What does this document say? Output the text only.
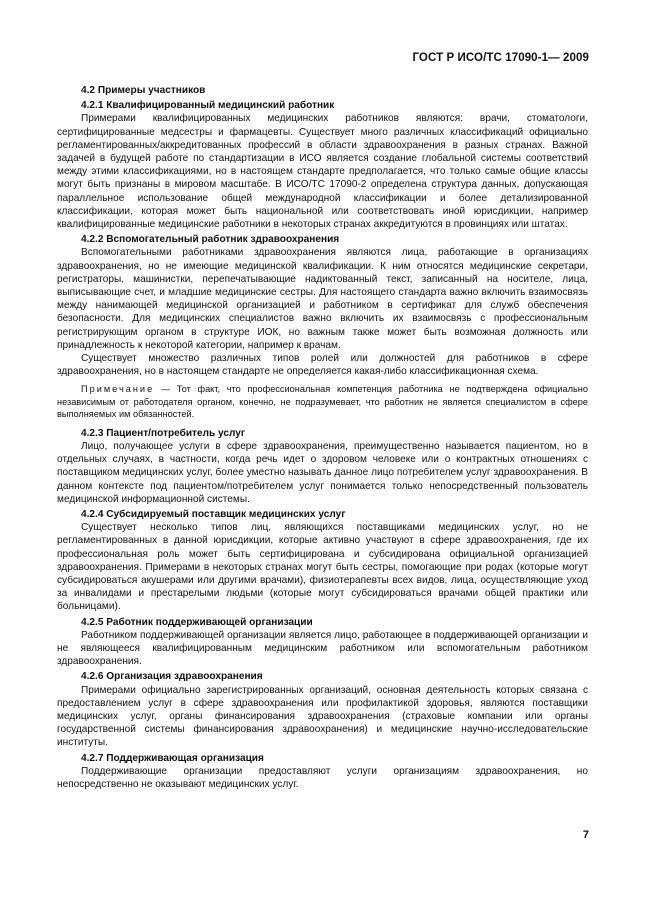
ГОСТ Р ИСО/ТС 17090-1— 2009
4.2 Примеры участников
4.2.1 Квалифицированный медицинский работник

Примерами квалифицированных медицинских работников являются: врачи, стоматологи, сертифицированные медсестры и фармацевты. Существует много различных классификаций официально регламентированных/аккредитованных профессий в области здравоохранения в разных странах. Важной задачей в будущей работе по стандартизации в ИСО является создание глобальной системы соответствий между этими классификациями, но в настоящем стандарте предполагается, что только самые общие классы могут быть признаны в мировом масштабе. В ИСО/ТС 17090-2 определена структура данных, допускающая параллельное использование общей международной классификации и более детализированной классификации, которая может быть национальной или соответствовать иной юрисдикции, например квалифицированные медицинские работники в некоторых странах аккредитуются в провинциях или штатах.

4.2.2 Вспомогательный работник здравоохранения

Вспомогательными работниками здравоохранения являются лица, работающие в организациях здравоохранения, но не имеющие медицинской квалификации. К ним относятся медицинские секретари, регистраторы, машинистки, перепечатывающие надиктованный текст, записанный на носителе, лица, выписывающие счет, и младшие медицинские сестры. Для настоящего стандарта важно включить взаимосвязь между нанимающей медицинской организацией и работником в сертификат для служб обеспечения безопасности. Для медицинских специалистов важно включить их взаимосвязь с профессиональным регистрирующим органом в структуре ИОК, но важным также может быть возможная должность или принадлежность к некоторой категории, например к врачам.

Существует множество различных типов ролей или должностей для работников в сфере здравоохранения, но в настоящем стандарте не определяется какая-либо классификационная схема.

Примечание — Тот факт, что профессиональная компетенция работника не подтверждена официально независимым от работодателя органом, конечно, не подразумевает, что работник не является специалистом в сфере выполняемых им обязанностей.
4.2.3 Пациент/потребитель услуг

Лицо, получающее услуги в сфере здравоохранения, преимущественно называется пациентом, но в отдельных случаях, в частности, когда речь идет о здоровом человеке или о контрактных отношениях с поставщиком медицинских услуг, более уместно называть данное лицо потребителем услуг здравоохранения. В данном контексте под пациентом/потребителем услуг понимается только непосредственный пользователь медицинской информационной системы.

4.2.4 Субсидируемый поставщик медицинских услуг

Существует несколько типов лиц, являющихся поставщиками медицинских услуг, но не регламентированных в данной юрисдикции, которые активно участвуют в сфере здравоохранения, где их профессиональная роль может быть сертифицирована и субсидирована официальной организацией здравоохранения. Примерами в некоторых странах могут быть сестры, помогающие при родах (которые могут субсидироваться акушерами или другими врачами), физиотерапевты всех видов, лица, осуществляющие уход за инвалидами и престарелыми людьми (которые могут субсидироваться врачами общей практики или больницами).

4.2.5 Работник поддерживающей организации

Работником поддерживающей организации является лицо, работающее в поддерживающей организации и не являющееся квалифицированным медицинским работником или вспомогательным работником здравоохранения.

4.2.6 Организация здравоохранения

Примерами официально зарегистрированных организаций, основная деятельность которых связана с предоставлением услуг в сфере здравоохранения или профилактикой здоровья, являются поставщики медицинских услуг, органы финансирования здравоохранения (страховые компании или органы государственной системы финансирования здравоохранения) и медицинские научно-исследовательские институты.

4.2.7 Поддерживающая организация

Поддерживающие организации предоставляют услуги организациям здравоохранения, но непосредственно не оказывают медицинских услуг.

7
